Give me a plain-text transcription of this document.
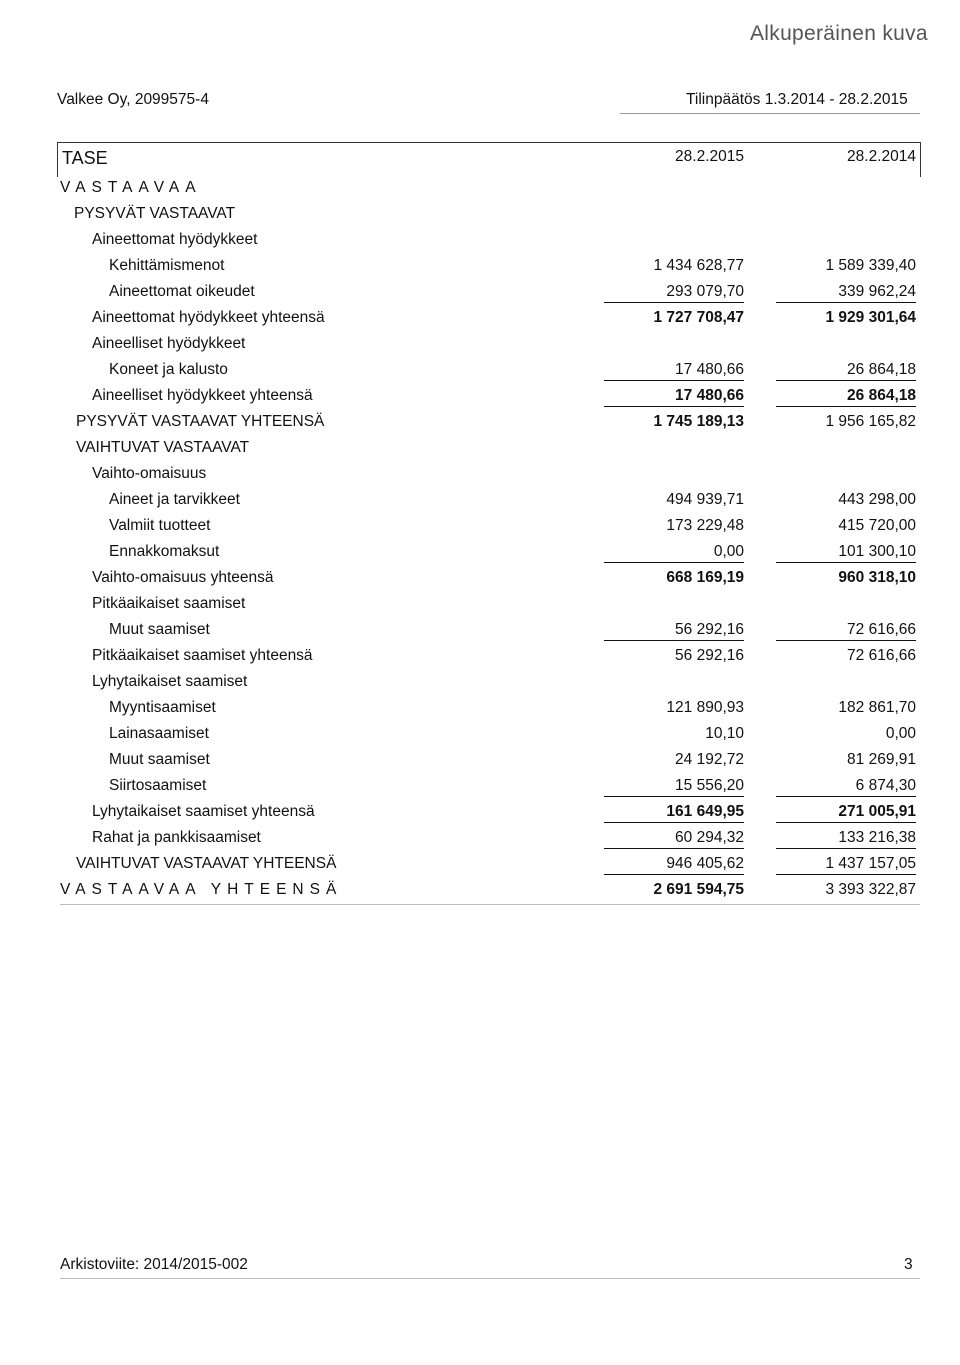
Alkuperäinen kuva
Valkee Oy, 2099575-4	Tilinpäätös 1.3.2014 - 28.2.2015
TASE	28.2.2015	28.2.2014
VASTAAVAA
PYSYVÄT VASTAAVAT
Aineettomat hyödykkeet
Kehittämismenot	1 434 628,77	1 589 339,40
Aineettomat oikeudet	293 079,70	339 962,24
Aineettomat hyödykkeet yhteensä	1 727 708,47	1 929 301,64
Aineelliset hyödykkeet
Koneet ja kalusto	17 480,66	26 864,18
Aineelliset hyödykkeet yhteensä	17 480,66	26 864,18
PYSYVÄT VASTAAVAT YHTEENSÄ	1 745 189,13	1 956 165,82
VAIHTUVAT VASTAAVAT
Vaihto-omaisuus
Aineet ja tarvikkeet	494 939,71	443 298,00
Valmiit tuotteet	173 229,48	415 720,00
Ennakkomaksut	0,00	101 300,10
Vaihto-omaisuus yhteensä	668 169,19	960 318,10
Pitkäaikaiset saamiset
Muut saamiset	56 292,16	72 616,66
Pitkäaikaiset saamiset yhteensä	56 292,16	72 616,66
Lyhytaikaiset saamiset
Myyntisaamiset	121 890,93	182 861,70
Lainasaamiset	10,10	0,00
Muut saamiset	24 192,72	81 269,91
Siirtosaamiset	15 556,20	6 874,30
Lyhytaikaiset saamiset yhteensä	161 649,95	271 005,91
Rahat ja pankkisaamiset	60 294,32	133 216,38
VAIHTUVAT VASTAAVAT YHTEENSÄ	946 405,62	1 437 157,05
VASTAAVAA YHTEENSÄ	2 691 594,75	3 393 322,87
Arkistoviite: 2014/2015-002	3
